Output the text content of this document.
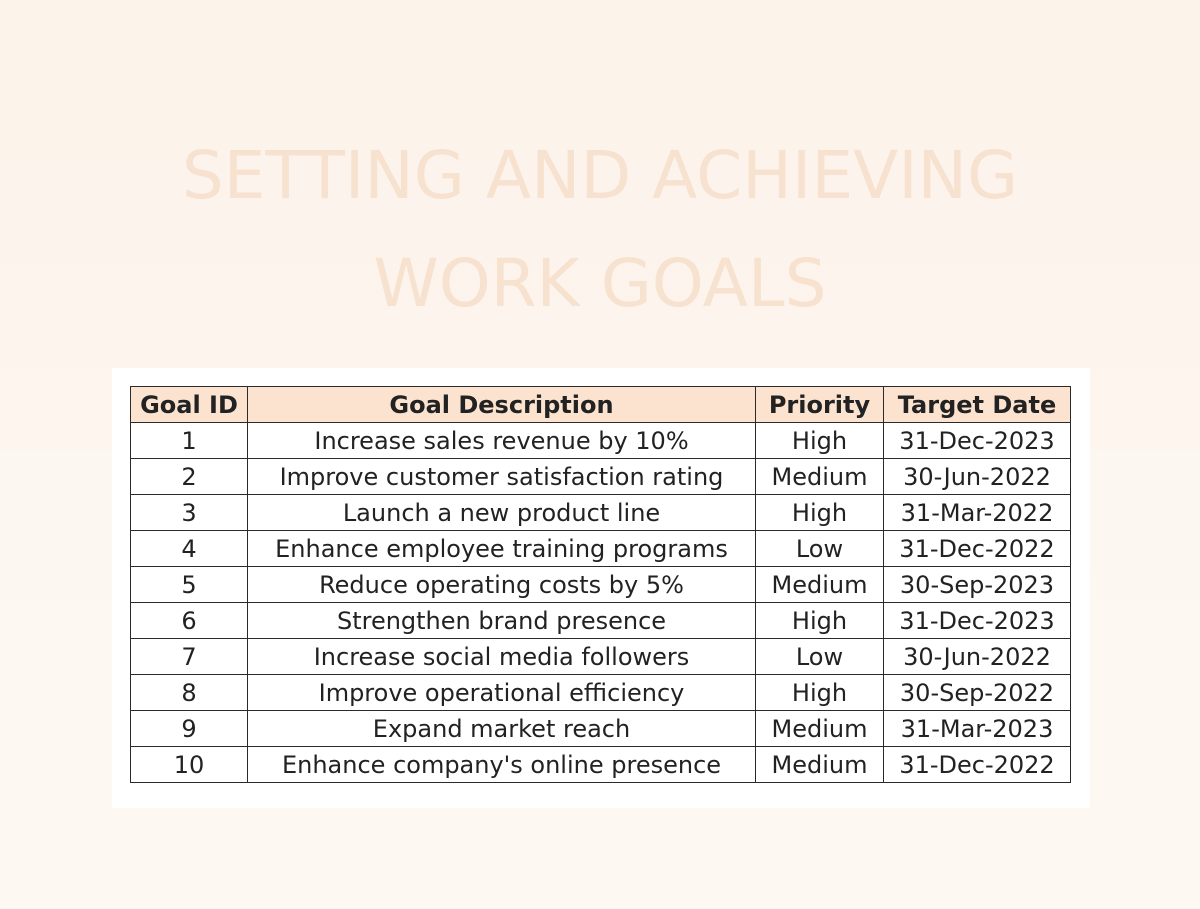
SETTING AND ACHIEVING
WORK GOALS
Goal ID	Goal Description	Priority	Target Date
1	Increase sales revenue by 10%	High	31-Dec-2023
2	Improve customer satisfaction rating	Medium	30-Jun-2022
3	Launch a new product line	High	31-Mar-2022
4	Enhance employee training programs	Low	31-Dec-2022
5	Reduce operating costs by 5%	Medium	30-Sep-2023
6	Strengthen brand presence	High	31-Dec-2023
7	Increase social media followers	Low	30-Jun-2022
8	Improve operational efficiency	High	30-Sep-2022
9	Expand market reach	Medium	31-Mar-2023
10	Enhance company's online presence	Medium	31-Dec-2022
